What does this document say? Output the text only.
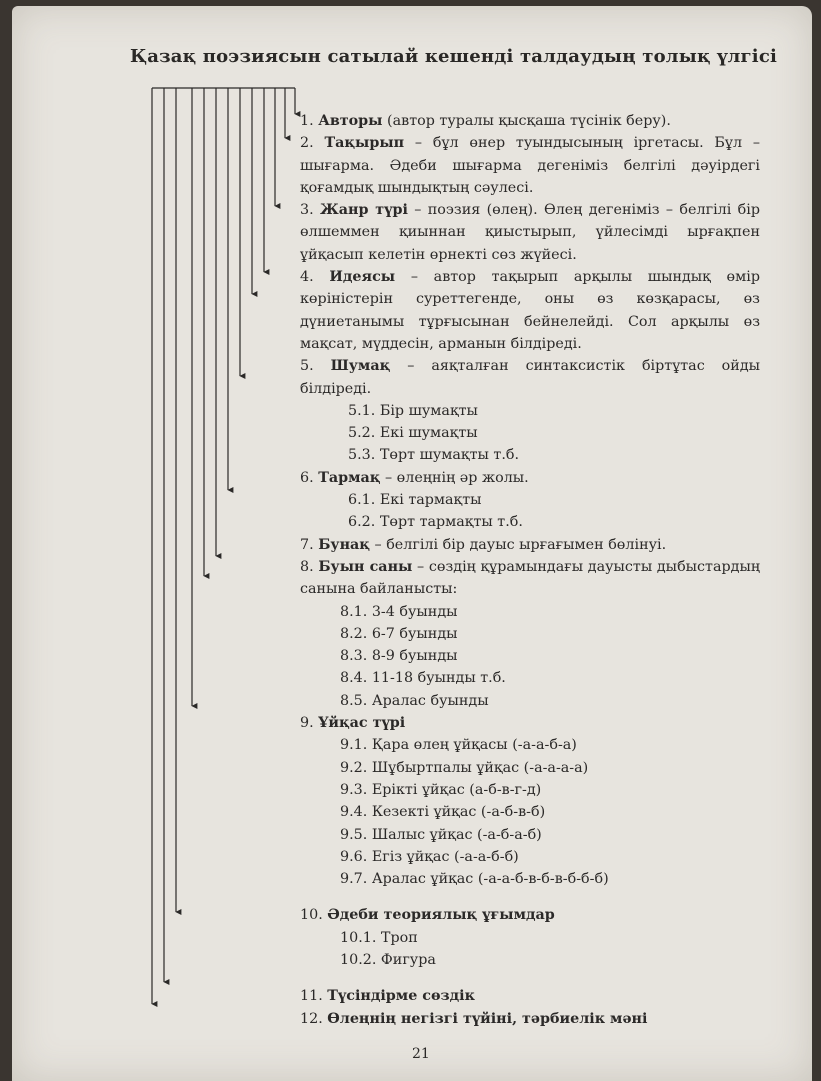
Қазақ поэзиясын сатылай кешенді талдаудың толық үлгісі

1. Авторы (автор туралы қысқаша түсінік беру).

2. Тақырып – бұл өнер туындысының іргетасы. Бұл – шығарма. Әдеби шығарма дегеніміз белгілі дәуірдегі қоғамдық шындықтың сәулесі.

3. Жанр түрі – поэзия (өлең). Өлең дегеніміз – белгілі бір өлшеммен қиыннан қиыстырып, үйлесімді ырғақпен ұйқасып келетін өрнекті сөз жүйесі.

4. Идеясы – автор тақырып арқылы шындық өмір көріністерін суреттегенде, оны өз көзқарасы, өз дүниетанымы тұрғысынан бейнелейді. Сол арқылы өз мақсат, мүддесін, арманын білдіреді.

5. Шумақ – аяқталған синтаксистік біртұтас ойды білдіреді.

5.1. Бір шумақты

5.2. Екі шумақты

5.3. Төрт шумақты т.б.

6. Тармақ – өлеңнің әр жолы.

6.1. Екі тармақты

6.2. Төрт тармақты т.б.

7. Бунақ – белгілі бір дауыс ырғағымен бөлінуі.

8. Буын саны – сөздің құрамындағы дауысты дыбыстардың санына байланысты:

8.1. 3-4 буынды

8.2. 6-7 буынды

8.3. 8-9 буынды

8.4. 11-18 буынды т.б.

8.5. Аралас буынды

9. Ұйқас түрі

9.1. Қара өлең ұйқасы (-а-а-б-а)

9.2. Шұбыртпалы ұйқас (-а-а-а-а)

9.3. Ерікті ұйқас (а-б-в-г-д)

9.4. Кезекті ұйқас (-а-б-в-б)

9.5. Шалыс ұйқас (-а-б-а-б)

9.6. Егіз ұйқас (-а-а-б-б)

9.7. Аралас ұйқас (-а-а-б-в-б-в-б-б-б)

10. Әдеби теориялық ұғымдар

10.1. Троп

10.2. Фигура

11. Түсіндірме сөздік

12. Өлеңнің негізгі түйіні, тәрбиелік мәні

21
